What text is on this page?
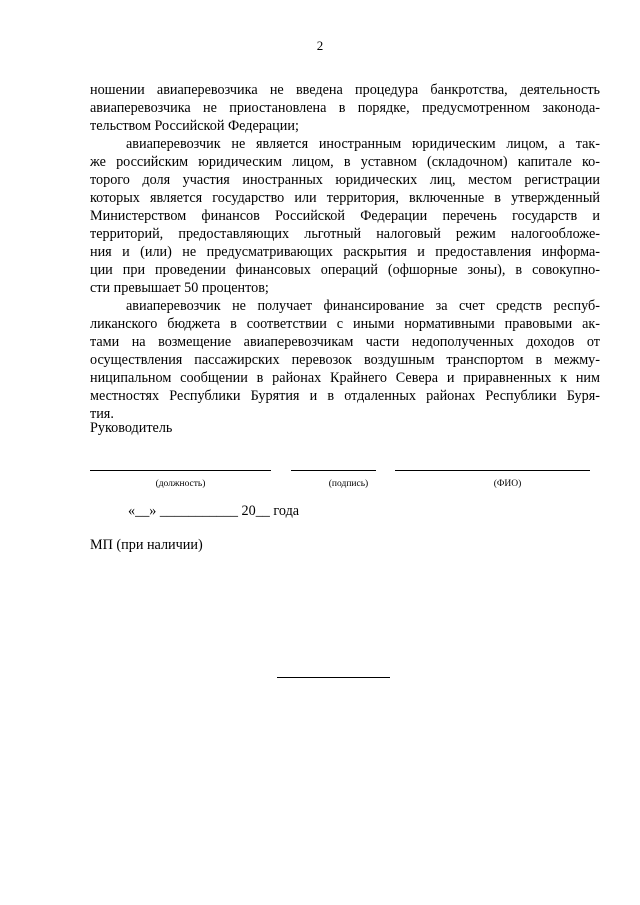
2
ношении авиаперевозчика не введена процедура банкротства, деятельность
авиаперевозчика не приостановлена в порядке, предусмотренном законода-
тельством Российской Федерации;
авиаперевозчик не является иностранным юридическим лицом, а так-
же российским юридическим лицом, в уставном (складочном) капитале ко-
торого доля участия иностранных юридических лиц, местом регистрации
которых является государство или территория, включенные в утвержденный
Министерством финансов Российской Федерации перечень государств и
территорий, предоставляющих льготный налоговый режим налогообложе-
ния и (или) не предусматривающих раскрытия и предоставления информа-
ции при проведении финансовых операций (офшорные зоны), в совокупно-
сти превышает 50 процентов;
авиаперевозчик не получает финансирование за счет средств респуб-
ликанского бюджета в соответствии с иными нормативными правовыми ак-
тами на возмещение авиаперевозчикам части недополученных доходов от
осуществления пассажирских перевозок воздушным транспортом в межму-
ниципальном сообщении в районах Крайнего Севера и приравненных к ним
местностях Республики Бурятия и в отдаленных районах Республики Буря-
тия.
Руководитель
(должность)	(подпись)	(ФИО)
«__» ___________ 20__ года
МП (при наличии)
